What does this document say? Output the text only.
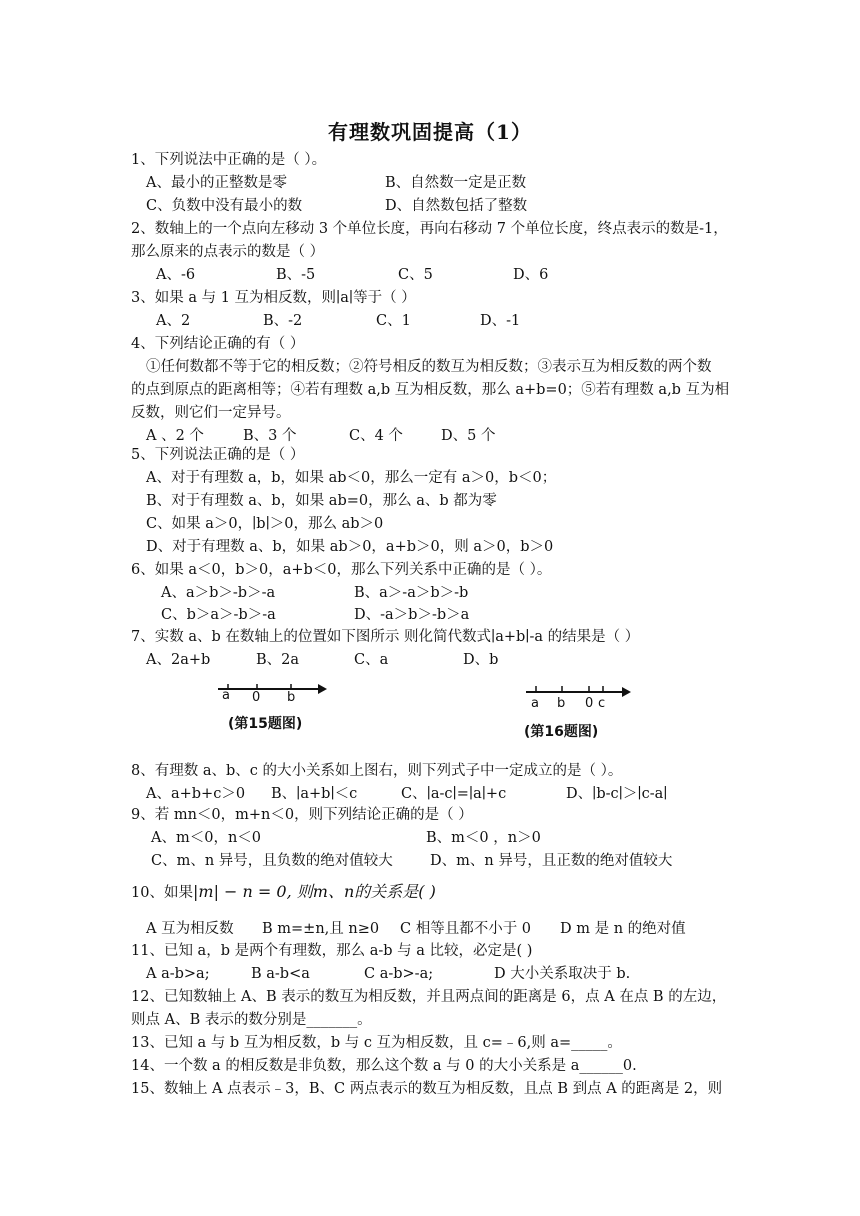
有理数巩固提高（1）
1、下列说法中正确的是（ ）。
A、最小的正整数是零	B、自然数一定是正数
C、负数中没有最小的数	D、自然数包括了整数
2、数轴上的一个点向左移动 3 个单位长度，再向右移动 7 个单位长度，终点表示的数是-1，
那么原来的点表示的数是（ ）
A、-6	B、-5	C、5	D、6
3、如果 a 与 1 互为相反数，则∣a∣等于（ ）
A、2	B、-2	C、1	D、-1
4、下列结论正确的有（ ）
①任何数都不等于它的相反数；②符号相反的数互为相反数；③表示互为相反数的两个数
的点到原点的距离相等；④若有理数 a,b 互为相反数，那么 a+b=0；⑤若有理数 a,b 互为相
反数，则它们一定异号。
A 、2 个	B、3 个	C、4 个	D、5 个
5、下列说法正确的是（ ）
A、对于有理数 a，b，如果 ab＜0，那么一定有 a＞0，b＜0；
B、对于有理数 a、b，如果 ab=0，那么 a、b 都为零
C、如果 a＞0，∣b∣＞0，那么 ab＞0
D、对于有理数 a、b，如果 ab＞0，a+b＞0，则 a＞0，b＞0
6、如果 a＜0，b＞0，a+b＜0，那么下列关系中正确的是（ ）。
A、a＞b＞-b＞-a	B、a＞-a＞b＞-b
C、b＞a＞-b＞-a	D、-a＞b＞-b＞a
7、实数 a、b 在数轴上的位置如下图所示 则化简代数式∣a+b∣-a 的结果是（ ）
A、2a+b	B、2a	C、a	D、b
a 0 b
(第15题图)
a b 0 c
(第16题图)
8、有理数 a、b、c 的大小关系如上图右，则下列式子中一定成立的是（ ）。
A、a+b+c＞0 B、∣a+b∣＜c	C、∣a-c∣=∣a∣+c	D、∣b-c∣＞∣c-a∣
9、若 mn＜0，m+n＜0，则下列结论正确的是（ ）
A、m＜0，n＜0	B、m＜0 ，n＞0
C、m、n 异号，且负数的绝对值较大	D、m、n 异号，且正数的绝对值较大
10、如果 |m| − n = 0, 则m、n的关系是( )
A 互为相反数 B m=±n,且 n≥0 C 相等且都不小于 0 D m 是 n 的绝对值
11、已知 a，b 是两个有理数，那么 a-b 与 a 比较，必定是( )
A a-b>a;	B a-b<a	C a-b>-a;	D 大小关系取决于 b.
12、已知数轴上 A、B 表示的数互为相反数，并且两点间的距离是 6，点 A 在点 B 的左边，
则点 A、B 表示的数分别是_______。
13、已知 a 与 b 互为相反数，b 与 c 互为相反数，且 c=﹣6,则 a=_____。
14、一个数 a 的相反数是非负数，那么这个数 a 与 0 的大小关系是 a______0.
15、数轴上 A 点表示﹣3，B、C 两点表示的数互为相反数，且点 B 到点 A 的距离是 2，则
